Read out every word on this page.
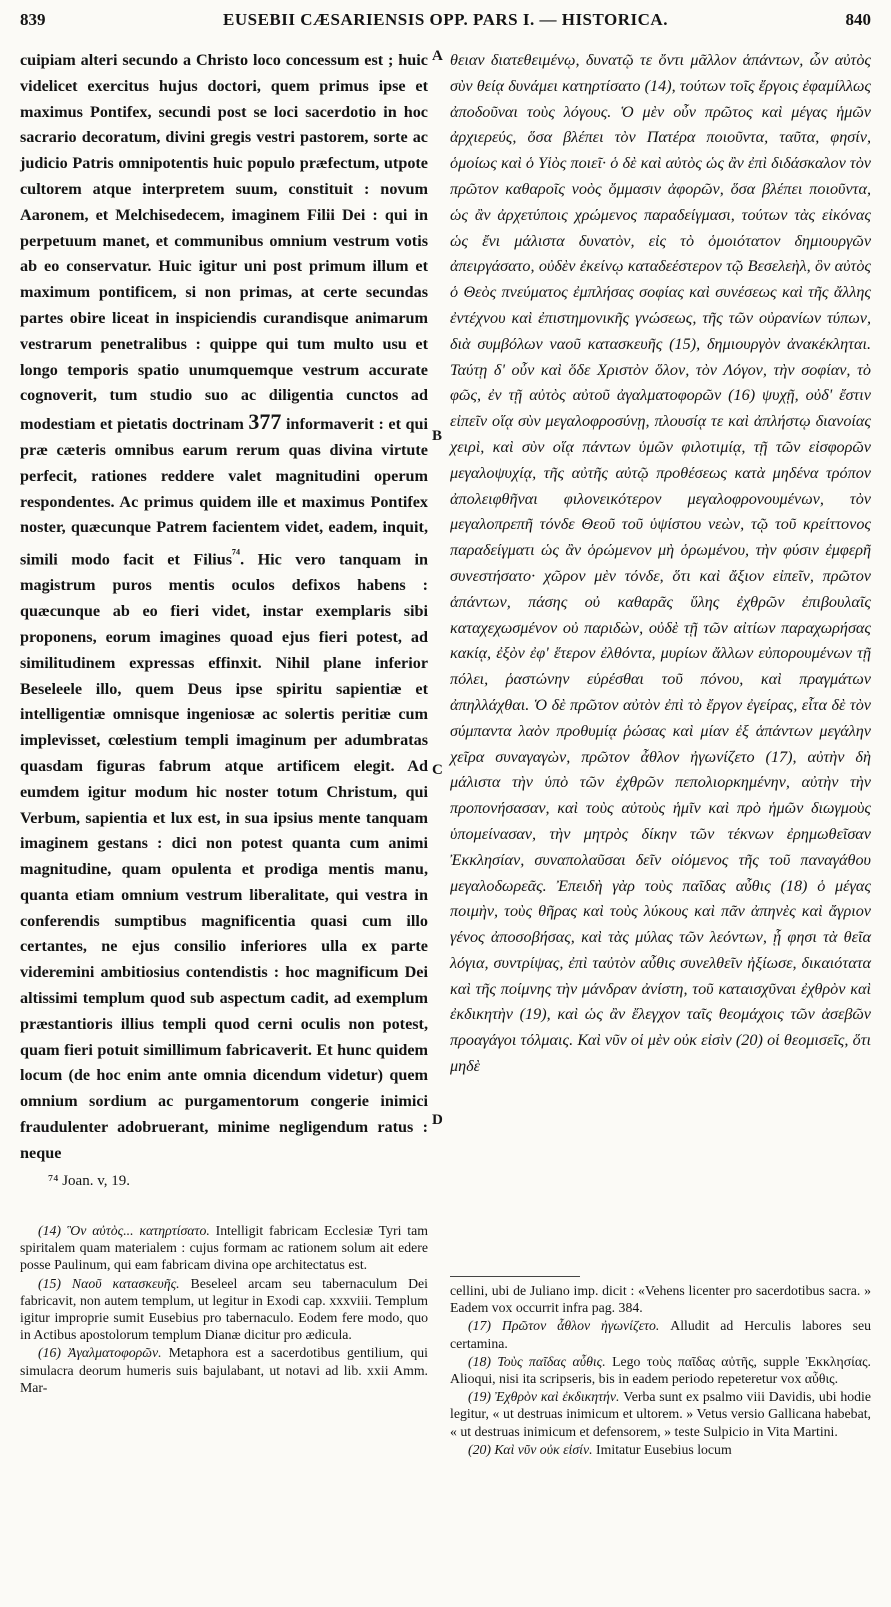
839	EUSEBII CÆSARIENSIS OPP. PARS I. — HISTORICA.	840

cuipiam alteri secundo a Christo loco concessum est ; huic videlicet exercitus hujus doctori, quem primus ipse et maximus Pontifex, secundi post se loci sacerdotio in hoc sacrario decoratum, divini gregis vestri pastorem, sorte ac judicio Patris omnipotentis huic populo præfectum, utpote cultorem atque interpretem suum, constituit : novum Aaronem, et Melchisedecem, imaginem Filii Dei : qui in perpetuum manet, et communibus omnium vestrum votis ab eo conservatur. Huic igitur uni post primum illum et maximum pontificem, si non primas, at certe secundas partes obire liceat in inspiciendis curandisque animarum vestrarum penetralibus : quippe qui tum multo usu et longo temporis spatio unumquemque vestrum accurate cognoverit, tum studio suo ac diligentia cunctos ad modestiam et pietatis doctrinam 377 informaverit : et qui præ cæteris omnibus earum rerum quas divina virtute perfecit, rationes reddere valet magnitudini operum respondentes. Ac primus quidem ille et maximus Pontifex noster, quæcunque Patrem facientem videt, eadem, inquit, simili modo facit et Filius$^{^{74}}$. Hic vero tanquam in magistrum puros mentis oculos defixos habens : quæcunque ab eo fieri videt, instar exemplaris sibi proponens, eorum imagines quoad ejus fieri potest, ad similitudinem expressas effinxit. Nihil plane inferior Beseleele illo, quem Deus ipse spiritu sapientiæ et intelligentiæ omnisque ingeniosæ ac solertis peritiæ cum implevisset, cœlestium templi imaginum per adumbratas quasdam figuras fabrum atque artificem elegit. Ad eumdem igitur modum hic noster totum Christum, qui Verbum, sapientia et lux est, in sua ipsius mente tanquam imaginem gestans : dici non potest quanta cum animi magnitudine, quam opulenta et prodiga mentis manu, quanta etiam omnium vestrum liberalitate, qui vestra in conferendis sumptibus magnificentia quasi cum illo certantes, ne ejus consilio inferiores ulla ex parte videremini ambitiosius contendistis : hoc magnificum Dei altissimi templum quod sub aspectum cadit, ad exemplum præstantioris illius templi quod cerni oculis non potest, quam fieri potuit simillimum fabricaverit. Et hunc quidem locum (de hoc enim ante omnia dicendum videtur) quem omnium sordium ac purgamentorum congerie inimici fraudulenter adobruerant, minime negligendum ratus : neque

⁷⁴ Joan. v, 19.

θειαν διατεθειμένῳ, δυνατῷ τε ὄντι μᾶλλον ἁπάντων, ὧν αὐτὸς σὺν θείᾳ δυνάμει κατηρτίσατο (14), τούτων τοῖς ἔργοις ἐφαμίλλως ἀποδοῦναι τοὺς λόγους. Ὁ μὲν οὖν πρῶτος καὶ μέγας ἡμῶν ἀρχιερεύς, ὅσα βλέπει τὸν Πατέρα ποιοῦντα, ταῦτα, φησίν, ὁμοίως καὶ ὁ Υἱὸς ποιεῖ· ὁ δὲ καὶ αὐτὸς ὡς ἂν ἐπὶ διδάσκαλον τὸν πρῶτον καθαροῖς νοὸς ὄμμασιν ἀφορῶν, ὅσα βλέπει ποιοῦντα, ὡς ἂν ἀρχετύποις χρώμενος παραδείγμασι, τούτων τὰς εἰκόνας ὡς ἔνι μάλιστα δυνατὸν, εἰς τὸ ὁμοιότατον δημιουργῶν ἀπειργάσατο, οὐδὲν ἐκείνῳ καταδεέστερον τῷ Βεσελεὴλ, ὃν αὐτὸς ὁ Θεὸς πνεύματος ἐμπλήσας σοφίας καὶ συνέσεως καὶ τῆς ἄλλης ἐντέχνου καὶ ἐπιστημονικῆς γνώσεως, τῆς τῶν οὐρανίων τύπων, διὰ συμβόλων ναοῦ κατασκευῆς (15), δημιουργὸν ἀνακέκληται. Ταύτῃ δ' οὖν καὶ ὅδε Χριστὸν ὅλον, τὸν Λόγον, τὴν σοφίαν, τὸ φῶς, ἐν τῇ αὐτὸς αὐτοῦ ἀγαλματοφορῶν (16) ψυχῇ, οὐδ' ἔστιν εἰπεῖν οἵᾳ σὺν μεγαλοφροσύνῃ, πλουσίᾳ τε καὶ ἀπλήστῳ διανοίας χειρὶ, καὶ σὺν οἵᾳ πάντων ὑμῶν φιλοτιμίᾳ, τῇ τῶν εἰσφορῶν μεγαλοψυχίᾳ, τῆς αὐτῆς αὐτῷ προθέσεως κατὰ μηδένα τρόπον ἀπολειφθῆναι φιλονεικότερον μεγαλοφρονουμένων, τὸν μεγαλοπρεπῆ τόνδε Θεοῦ τοῦ ὑψίστου νεὼν, τῷ τοῦ κρείττονος παραδείγματι ὡς ἂν ὁρώμενον μὴ ὁρωμένου, τὴν φύσιν ἐμφερῆ συνεστήσατο· χῶρον μὲν τόνδε, ὅτι καὶ ἄξιον εἰπεῖν, πρῶτον ἁπάντων, πάσης οὐ καθαρᾶς ὕλης ἐχθρῶν ἐπιβουλαῖς καταχεχωσμένον οὐ παριδὼν, οὐδὲ τῇ τῶν αἰτίων παραχωρήσας κακίᾳ, ἐξὸν ἐφ' ἕτερον ἐλθόντα, μυρίων ἄλλων εὐπορουμένων τῇ πόλει, ῥαστώνην εὑρέσθαι τοῦ πόνου, καὶ πραγμάτων ἀπηλλάχθαι. Ὁ δὲ πρῶτον αὐτὸν ἐπὶ τὸ ἔργον ἐγείρας, εἶτα δὲ τὸν σύμπαντα λαὸν προθυμίᾳ ῥώσας καὶ μίαν ἐξ ἁπάντων μεγάλην χεῖρα συναγαγὼν, πρῶτον ἆθλον ἠγωνίζετο (17), αὐτὴν δὴ μάλιστα τὴν ὑπὸ τῶν ἐχθρῶν πεπολιορκημένην, αὐτὴν τὴν προπονήσασαν, καὶ τοὺς αὐτοὺς ἡμῖν καὶ πρὸ ἡμῶν διωγμοὺς ὑπομείνασαν, τὴν μητρὸς δίκην τῶν τέκνων ἐρημωθεῖσαν Ἐκκλησίαν, συναπολαῦσαι δεῖν οἰόμενος τῆς τοῦ παναγάθου μεγαλοδωρεᾶς. Ἐπειδὴ γὰρ τοὺς παῖδας αὖθις (18) ὁ μέγας ποιμὴν, τοὺς θῆρας καὶ τοὺς λύκους καὶ πᾶν ἀπηνὲς καὶ ἄγριον γένος ἀποσοβήσας, καὶ τὰς μύλας τῶν λεόντων, ᾗ φησι τὰ θεῖα λόγια, συντρίψας, ἐπὶ ταὐτὸν αὖθις συνελθεῖν ἠξίωσε, δικαιότατα καὶ τῆς ποίμνης τὴν μάνδραν ἀνίστη, τοῦ καταισχῦναι ἐχθρὸν καὶ ἐκδικητὴν (19), καὶ ὡς ἂν ἔλεγχον ταῖς θεομάχοις τῶν ἀσεβῶν προαγάγοι τόλμαις. Καὶ νῦν οἱ μὲν οὐκ εἰσὶν (20) οἱ θεομισεῖς, ὅτι μηδὲ

A
B
C
D

(14) Ὃν αὐτὸς... κατηρτίσατο. Intelligit fabricam Ecclesiæ Tyri tam spiritalem quam materialem : cujus formam ac rationem solum ait edere posse Paulinum, qui eam fabricam divina ope architectatus est.

(15) Ναοῦ κατασκευῆς. Beseleel arcam seu tabernaculum Dei fabricavit, non autem templum, ut legitur in Exodi cap. xxxviii. Templum igitur improprie sumit Eusebius pro tabernaculo. Eodem fere modo, quo in Actibus apostolorum templum Dianæ dicitur pro ædicula.

(16) Ἀγαλματοφορῶν. Metaphora est a sacerdotibus gentilium, qui simulacra deorum humeris suis bajulabant, ut notavi ad lib. xxii Amm. Mar-

cellini, ubi de Juliano imp. dicit : «Vehens licenter pro sacerdotibus sacra. » Eadem vox occurrit infra pag. 384.

(17) Πρῶτον ἆθλον ἠγωνίζετο. Alludit ad Herculis labores seu certamina.

(18) Τοὺς παῖδας αὖθις. Lego τοὺς παῖδας αὐτῆς, supple Ἐκκλησίας. Alioqui, nisi ita scripseris, bis in eadem periodo repeteretur vox αὖθις.

(19) Ἐχθρὸν καὶ ἐκδικητήν. Verba sunt ex psalmo viii Davidis, ubi hodie legitur, « ut destruas inimicum et ultorem. » Vetus versio Gallicana habebat, « ut destruas inimicum et defensorem, » teste Sulpicio in Vita Martini.

(20) Καὶ νῦν οὐκ εἰσίν. Imitatur Eusebius locum
